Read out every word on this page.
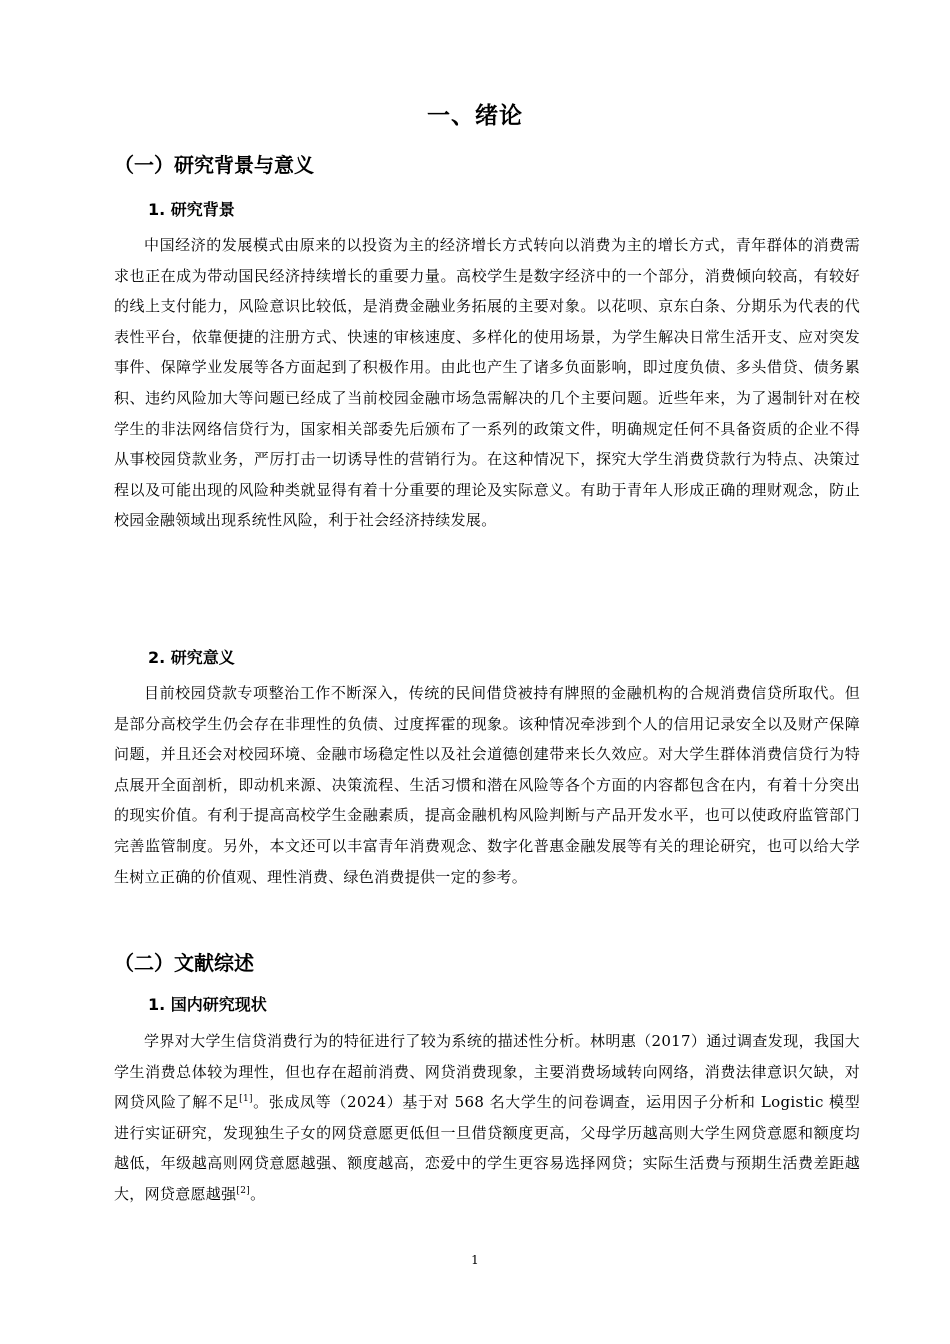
一、绪论
（一）研究背景与意义
1. 研究背景

中国经济的发展模式由原来的以投资为主的经济增长方式转向以消费为主的增长方式，青年群体的消费需求也正在成为带动国民经济持续增长的重要力量。高校学生是数字经济中的一个部分，消费倾向较高，有较好的线上支付能力，风险意识比较低，是消费金融业务拓展的主要对象。以花呗、京东白条、分期乐为代表的代表性平台，依靠便捷的注册方式、快速的审核速度、多样化的使用场景，为学生解决日常生活开支、应对突发事件、保障学业发展等各方面起到了积极作用。由此也产生了诸多负面影响，即过度负债、多头借贷、债务累积、违约风险加大等问题已经成了当前校园金融市场急需解决的几个主要问题。近些年来，为了遏制针对在校学生的非法网络信贷行为，国家相关部委先后颁布了一系列的政策文件，明确规定任何不具备资质的企业不得从事校园贷款业务，严厉打击一切诱导性的营销行为。在这种情况下，探究大学生消费贷款行为特点、决策过程以及可能出现的风险种类就显得有着十分重要的理论及实际意义。有助于青年人形成正确的理财观念，防止校园金融领域出现系统性风险，利于社会经济持续发展。

2. 研究意义

目前校园贷款专项整治工作不断深入，传统的民间借贷被持有牌照的金融机构的合规消费信贷所取代。但是部分高校学生仍会存在非理性的负债、过度挥霍的现象。该种情况牵涉到个人的信用记录安全以及财产保障问题，并且还会对校园环境、金融市场稳定性以及社会道德创建带来长久效应。对大学生群体消费信贷行为特点展开全面剖析，即动机来源、决策流程、生活习惯和潜在风险等各个方面的内容都包含在内，有着十分突出的现实价值。有利于提高高校学生金融素质，提高金融机构风险判断与产品开发水平，也可以使政府监管部门完善监管制度。另外，本文还可以丰富青年消费观念、数字化普惠金融发展等有关的理论研究，也可以给大学生树立正确的价值观、理性消费、绿色消费提供一定的参考。

（二）文献综述
1. 国内研究现状

学界对大学生信贷消费行为的特征进行了较为系统的描述性分析。林明惠（2017）通过调查发现，我国大学生消费总体较为理性，但也存在超前消费、网贷消费现象，主要消费场域转向网络，消费法律意识欠缺，对网贷风险了解不足[1]。张成凤等（2024）基于对 568 名大学生的问卷调查，运用因子分析和 Logistic 模型进行实证研究，发现独生子女的网贷意愿更低但一旦借贷额度更高，父母学历越高则大学生网贷意愿和额度均越低，年级越高则网贷意愿越强、额度越高，恋爱中的学生更容易选择网贷；实际生活费与预期生活费差距越大，网贷意愿越强[2]。

1
